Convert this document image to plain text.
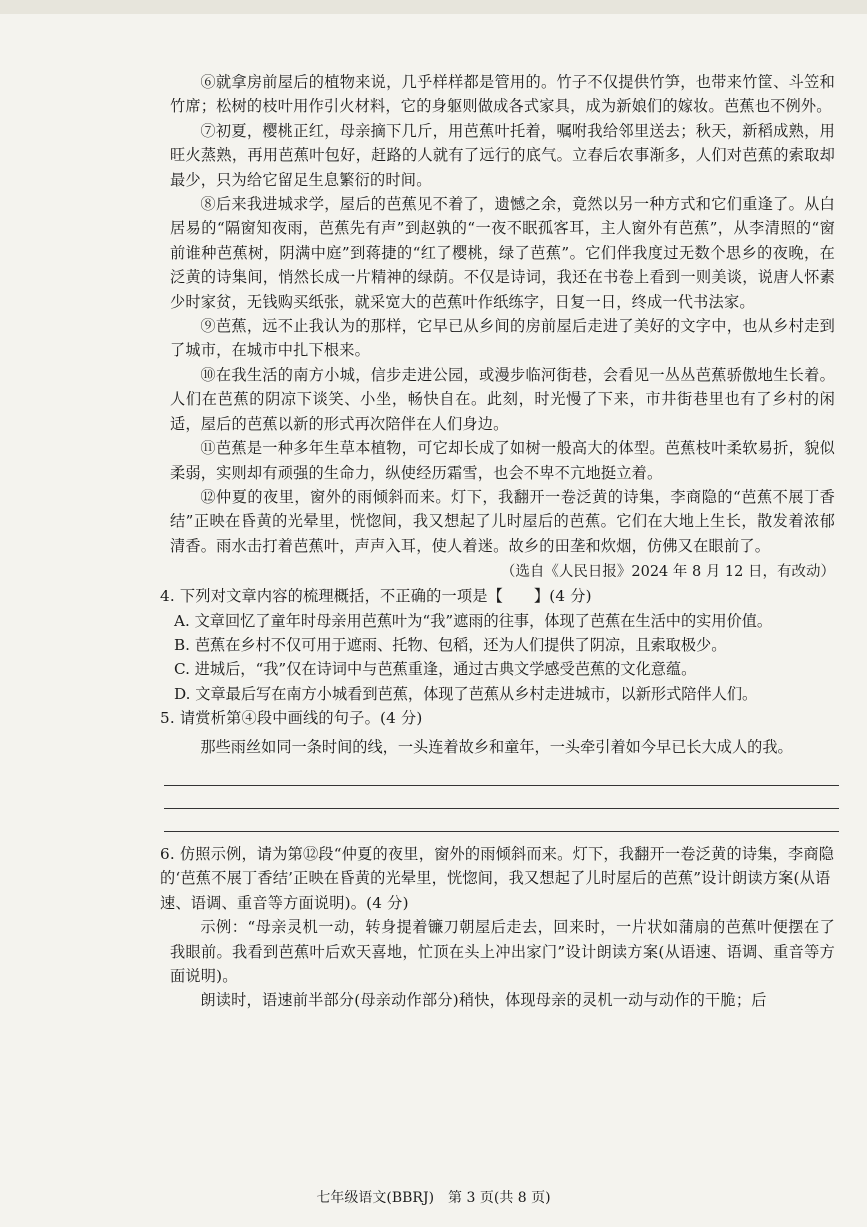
⑥就拿房前屋后的植物来说，几乎样样都是管用的。竹子不仅提供竹笋，也带来竹筐、斗笠和竹席；松树的枝叶用作引火材料，它的身躯则做成各式家具，成为新娘们的嫁妆。芭蕉也不例外。

⑦初夏，樱桃正红，母亲摘下几斤，用芭蕉叶托着，嘱咐我给邻里送去；秋天，新稻成熟，用旺火蒸熟，再用芭蕉叶包好，赶路的人就有了远行的底气。立春后农事渐多，人们对芭蕉的索取却最少，只为给它留足生息繁衍的时间。

⑧后来我进城求学，屋后的芭蕉见不着了，遗憾之余，竟然以另一种方式和它们重逢了。从白居易的“隔窗知夜雨，芭蕉先有声”到赵孰的“一夜不眠孤客耳，主人窗外有芭蕉”，从李清照的“窗前谁种芭蕉树，阴满中庭”到蒋捷的“红了樱桃，绿了芭蕉”。它们伴我度过无数个思乡的夜晚，在泛黄的诗集间，悄然长成一片精神的绿荫。不仅是诗词，我还在书卷上看到一则美谈，说唐人怀素少时家贫，无钱购买纸张，就采宽大的芭蕉叶作纸练字，日复一日，终成一代书法家。

⑨芭蕉，远不止我认为的那样，它早已从乡间的房前屋后走进了美好的文字中，也从乡村走到了城市，在城市中扎下根来。

⑩在我生活的南方小城，信步走进公园，或漫步临河街巷，会看见一丛丛芭蕉骄傲地生长着。人们在芭蕉的阴凉下谈笑、小坐，畅快自在。此刻，时光慢了下来，市井街巷里也有了乡村的闲适，屋后的芭蕉以新的形式再次陪伴在人们身边。

⑪芭蕉是一种多年生草本植物，可它却长成了如树一般高大的体型。芭蕉枝叶柔软易折，貌似柔弱，实则却有顽强的生命力，纵使经历霜雪，也会不卑不亢地挺立着。

⑫仲夏的夜里，窗外的雨倾斜而来。灯下，我翻开一卷泛黄的诗集，李商隐的“芭蕉不展丁香结”正映在昏黄的光晕里，恍惚间，我又想起了儿时屋后的芭蕉。它们在大地上生长，散发着浓郁清香。雨水击打着芭蕉叶，声声入耳，使人着迷。故乡的田垄和炊烟，仿佛又在眼前了。

（选自《人民日报》2024 年 8 月 12 日，有改动）

4. 下列对文章内容的梳理概括，不正确的一项是【　　】(4 分)

A. 文章回忆了童年时母亲用芭蕉叶为“我”遮雨的往事，体现了芭蕉在生活中的实用价值。

B. 芭蕉在乡村不仅可用于遮雨、托物、包稻，还为人们提供了阴凉，且索取极少。

C. 进城后，“我”仅在诗词中与芭蕉重逢，通过古典文学感受芭蕉的文化意蕴。

D. 文章最后写在南方小城看到芭蕉，体现了芭蕉从乡村走进城市，以新形式陪伴人们。

5. 请赏析第④段中画线的句子。(4 分)

那些雨丝如同一条时间的线，一头连着故乡和童年，一头牵引着如今早已长大成人的我。

6. 仿照示例，请为第⑫段“仲夏的夜里，窗外的雨倾斜而来。灯下，我翻开一卷泛黄的诗集，李商隐的‘芭蕉不展丁香结’正映在昏黄的光晕里，恍惚间，我又想起了儿时屋后的芭蕉”设计朗读方案(从语速、语调、重音等方面说明)。(4 分)

示例：“母亲灵机一动，转身提着镰刀朝屋后走去，回来时，一片状如蒲扇的芭蕉叶便摆在了我眼前。我看到芭蕉叶后欢天喜地，忙顶在头上冲出家门”设计朗读方案(从语速、语调、重音等方面说明)。

朗读时，语速前半部分(母亲动作部分)稍快，体现母亲的灵机一动与动作的干脆；后

七年级语文(BBRJ)　第 3 页(共 8 页)
